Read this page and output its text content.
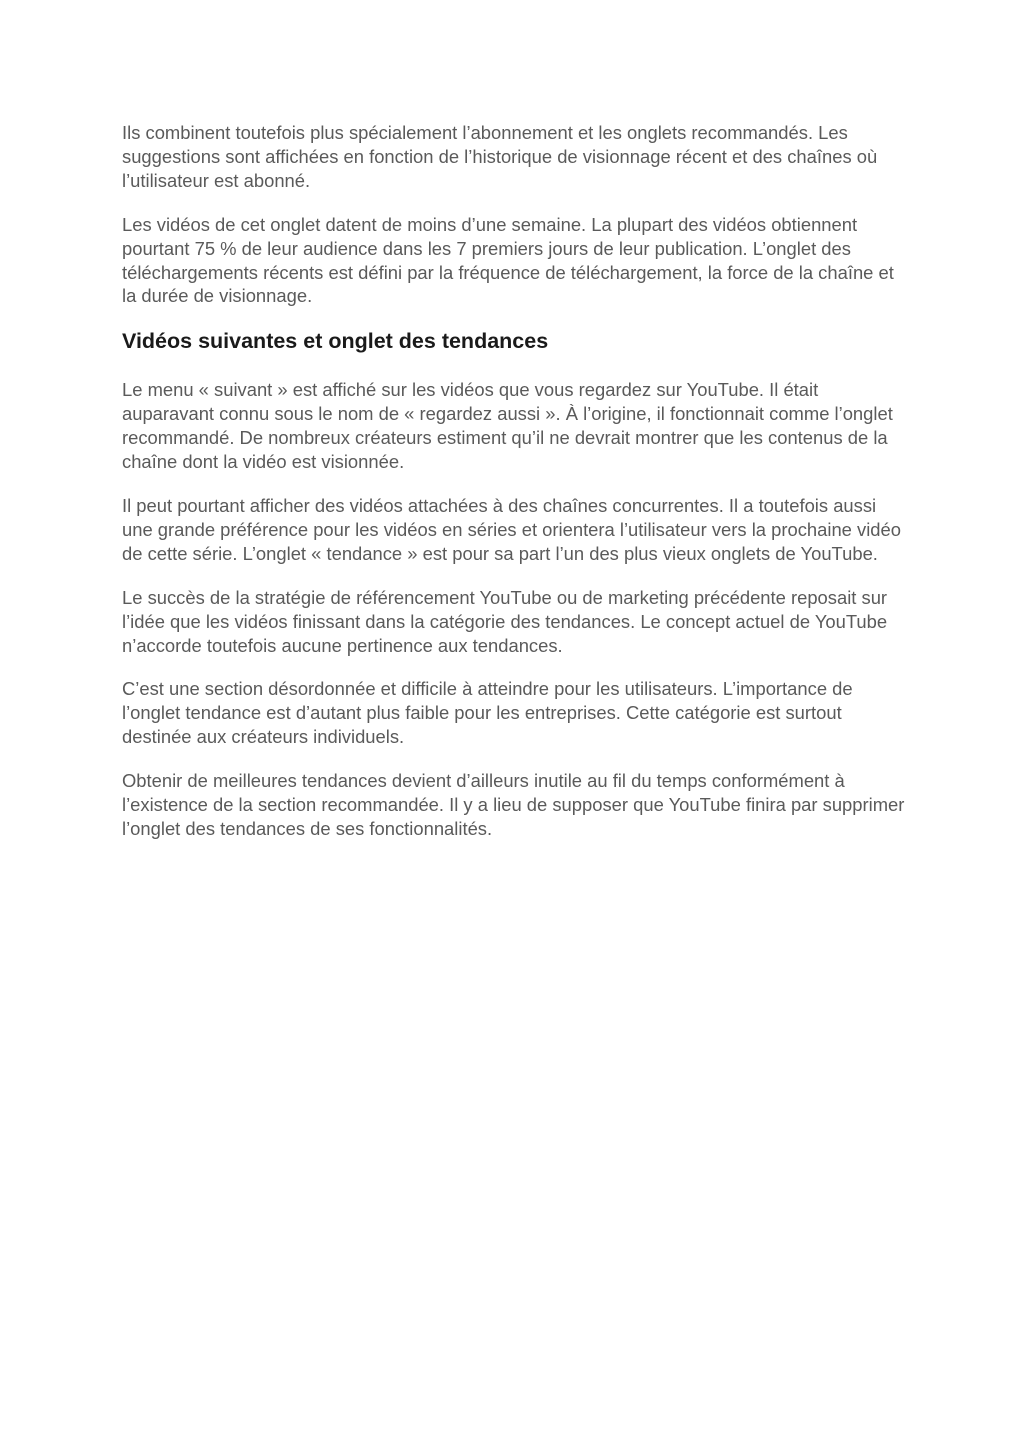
Ils combinent toutefois plus spécialement l’abonnement et les onglets recommandés. Les suggestions sont affichées en fonction de l’historique de visionnage récent et des chaînes où l’utilisateur est abonné.

Les vidéos de cet onglet datent de moins d’une semaine. La plupart des vidéos obtiennent pourtant 75 % de leur audience dans les 7 premiers jours de leur publication. L’onglet des téléchargements récents est défini par la fréquence de téléchargement, la force de la chaîne et la durée de visionnage.

Vidéos suivantes et onglet des tendances

Le menu « suivant » est affiché sur les vidéos que vous regardez sur YouTube. Il était auparavant connu sous le nom de « regardez aussi ». À l’origine, il fonctionnait comme l’onglet recommandé. De nombreux créateurs estiment qu’il ne devrait montrer que les contenus de la chaîne dont la vidéo est visionnée.

Il peut pourtant afficher des vidéos attachées à des chaînes concurrentes. Il a toutefois aussi une grande préférence pour les vidéos en séries et orientera l’utilisateur vers la prochaine vidéo de cette série. L’onglet « tendance » est pour sa part l’un des plus vieux onglets de YouTube.

Le succès de la stratégie de référencement YouTube ou de marketing précédente reposait sur l’idée que les vidéos finissant dans la catégorie des tendances. Le concept actuel de YouTube n’accorde toutefois aucune pertinence aux tendances.

C’est une section désordonnée et difficile à atteindre pour les utilisateurs. L’importance de l’onglet tendance est d’autant plus faible pour les entreprises. Cette catégorie est surtout destinée aux créateurs individuels.

Obtenir de meilleures tendances devient d’ailleurs inutile au fil du temps conformément à l’existence de la section recommandée. Il y a lieu de supposer que YouTube finira par supprimer l’onglet des tendances de ses fonctionnalités.
